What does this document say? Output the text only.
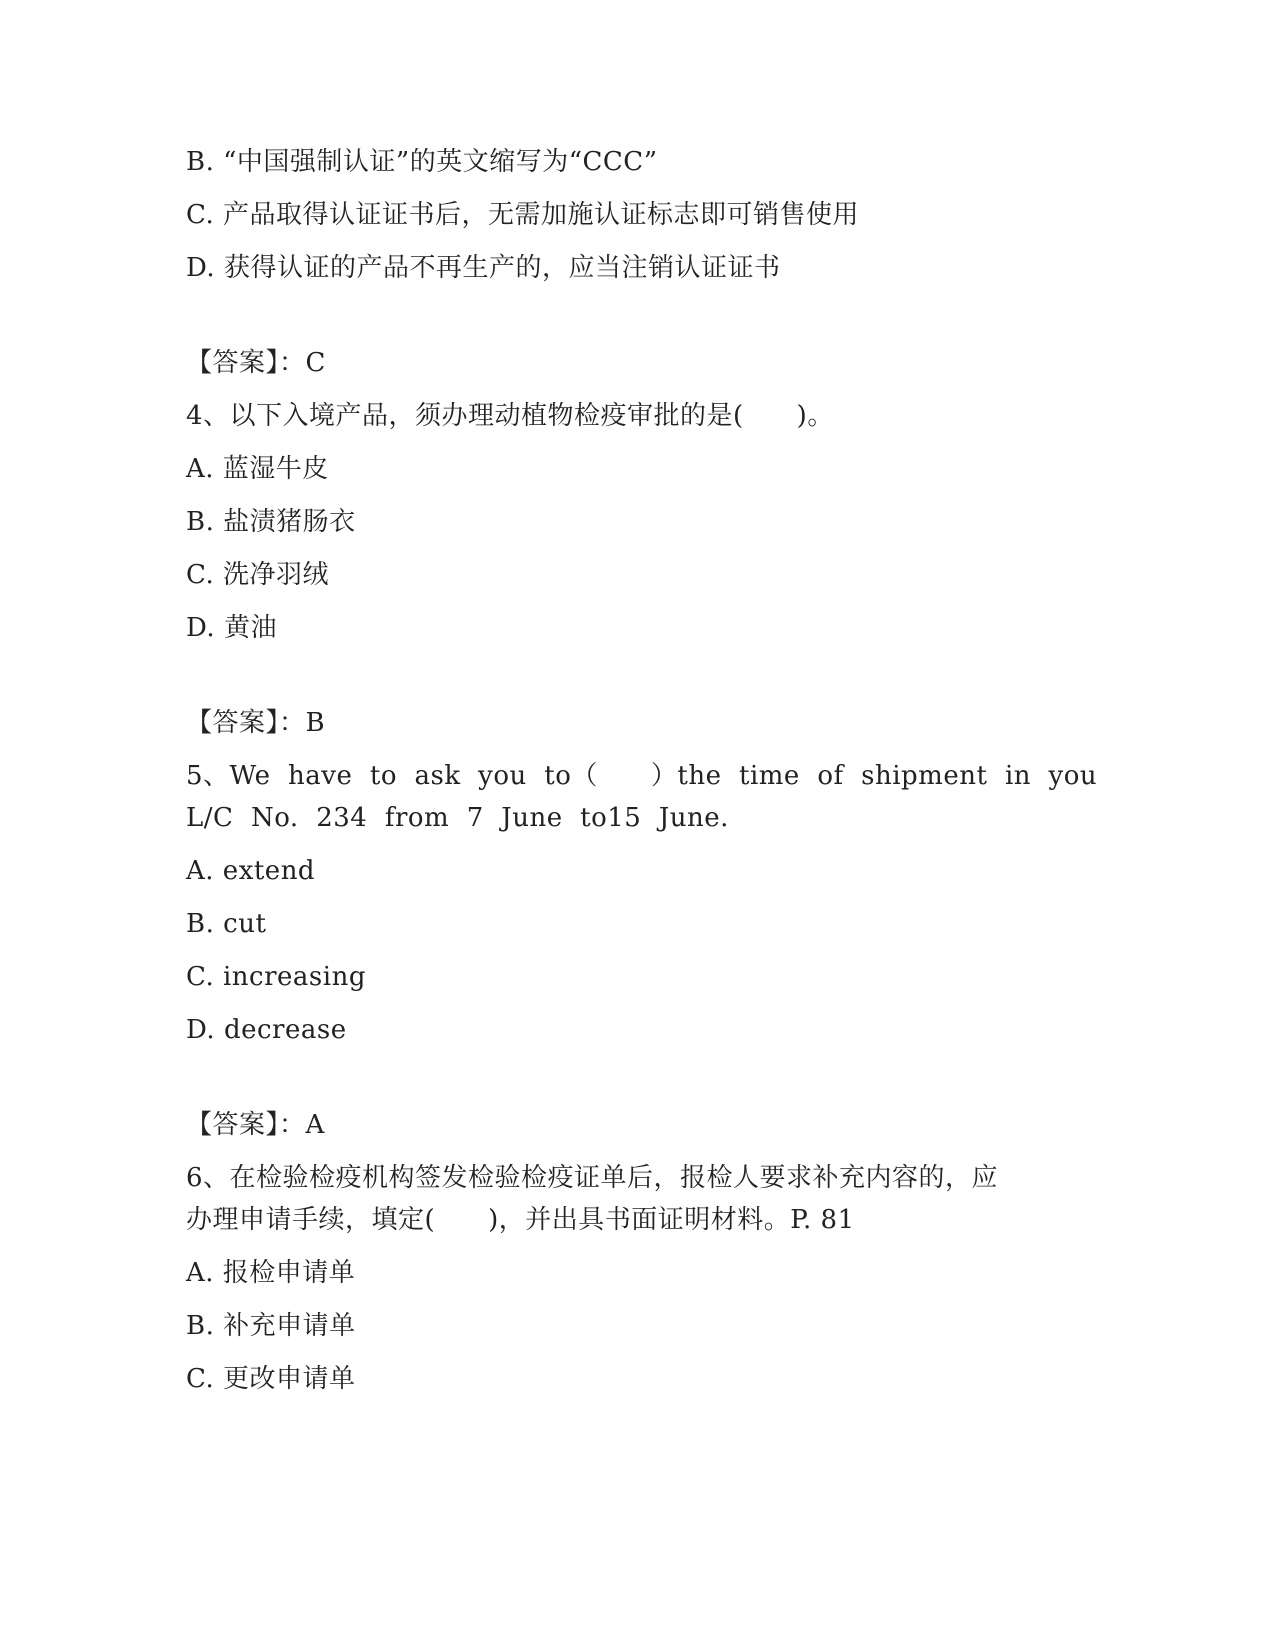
B. “中国强制认证”的英文缩写为“CCC”
C. 产品取得认证证书后，无需加施认证标志即可销售使用
D. 获得认证的产品不再生产的，应当注销认证证书
【答案】：C
4、以下入境产品，须办理动植物检疫审批的是(　　)。
A. 蓝湿牛皮
B. 盐渍猪肠衣
C. 洗净羽绒
D. 黄油
【答案】：B
5、We  have  to  ask  you  to（　　）the  time  of  shipment  in  you
L/C  No.  234  from  7  June  to15  June.
A. extend
B. cut
C. increasing
D. decrease
【答案】：A
6、在检验检疫机构签发检验检疫证单后，报检人要求补充内容的，应
办理申请手续，填定(　　)，并出具书面证明材料。P. 81
A. 报检申请单
B. 补充申请单
C. 更改申请单
